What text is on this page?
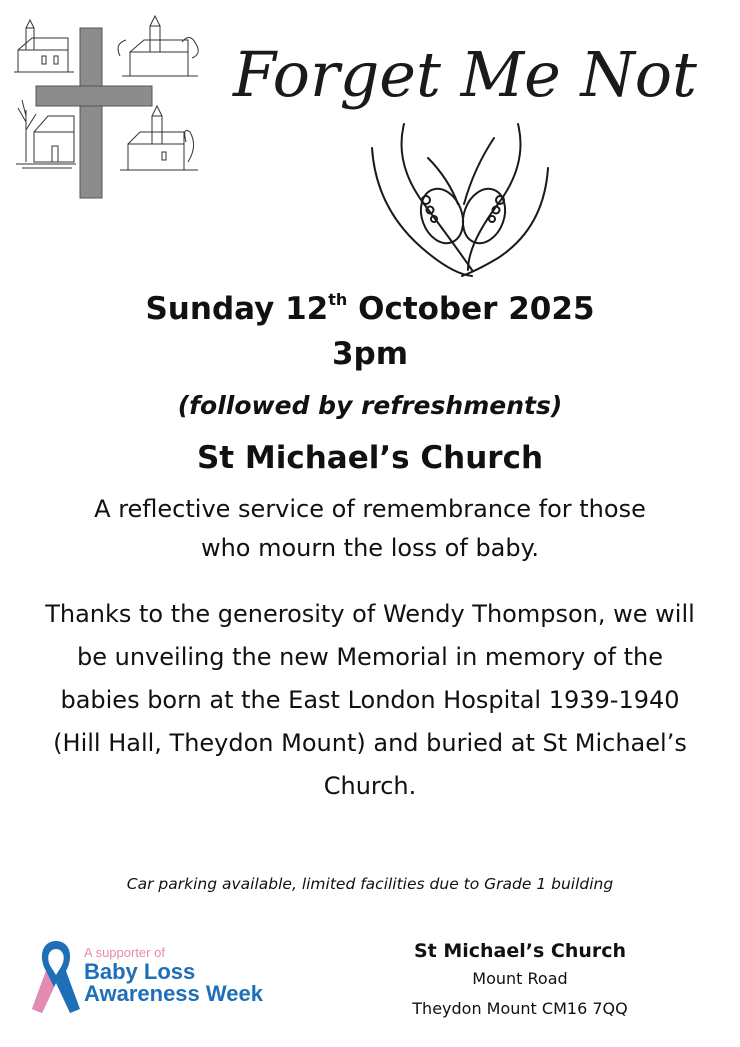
Forget Me Not
Sunday 12th October 2025
3pm
(followed by refreshments)
St Michael’s Church
A reflective service of remembrance for those who mourn the loss of baby.
Thanks to the generosity of Wendy Thompson, we will be unveiling the new Memorial in memory of the babies born at the East London Hospital 1939-1940 (Hill Hall, Theydon Mount) and buried at St Michael’s Church.
Car parking available, limited facilities due to Grade 1 building
A supporter of
Baby Loss
Awareness Week
St Michael’s Church
Mount Road
Theydon Mount CM16 7QQ
